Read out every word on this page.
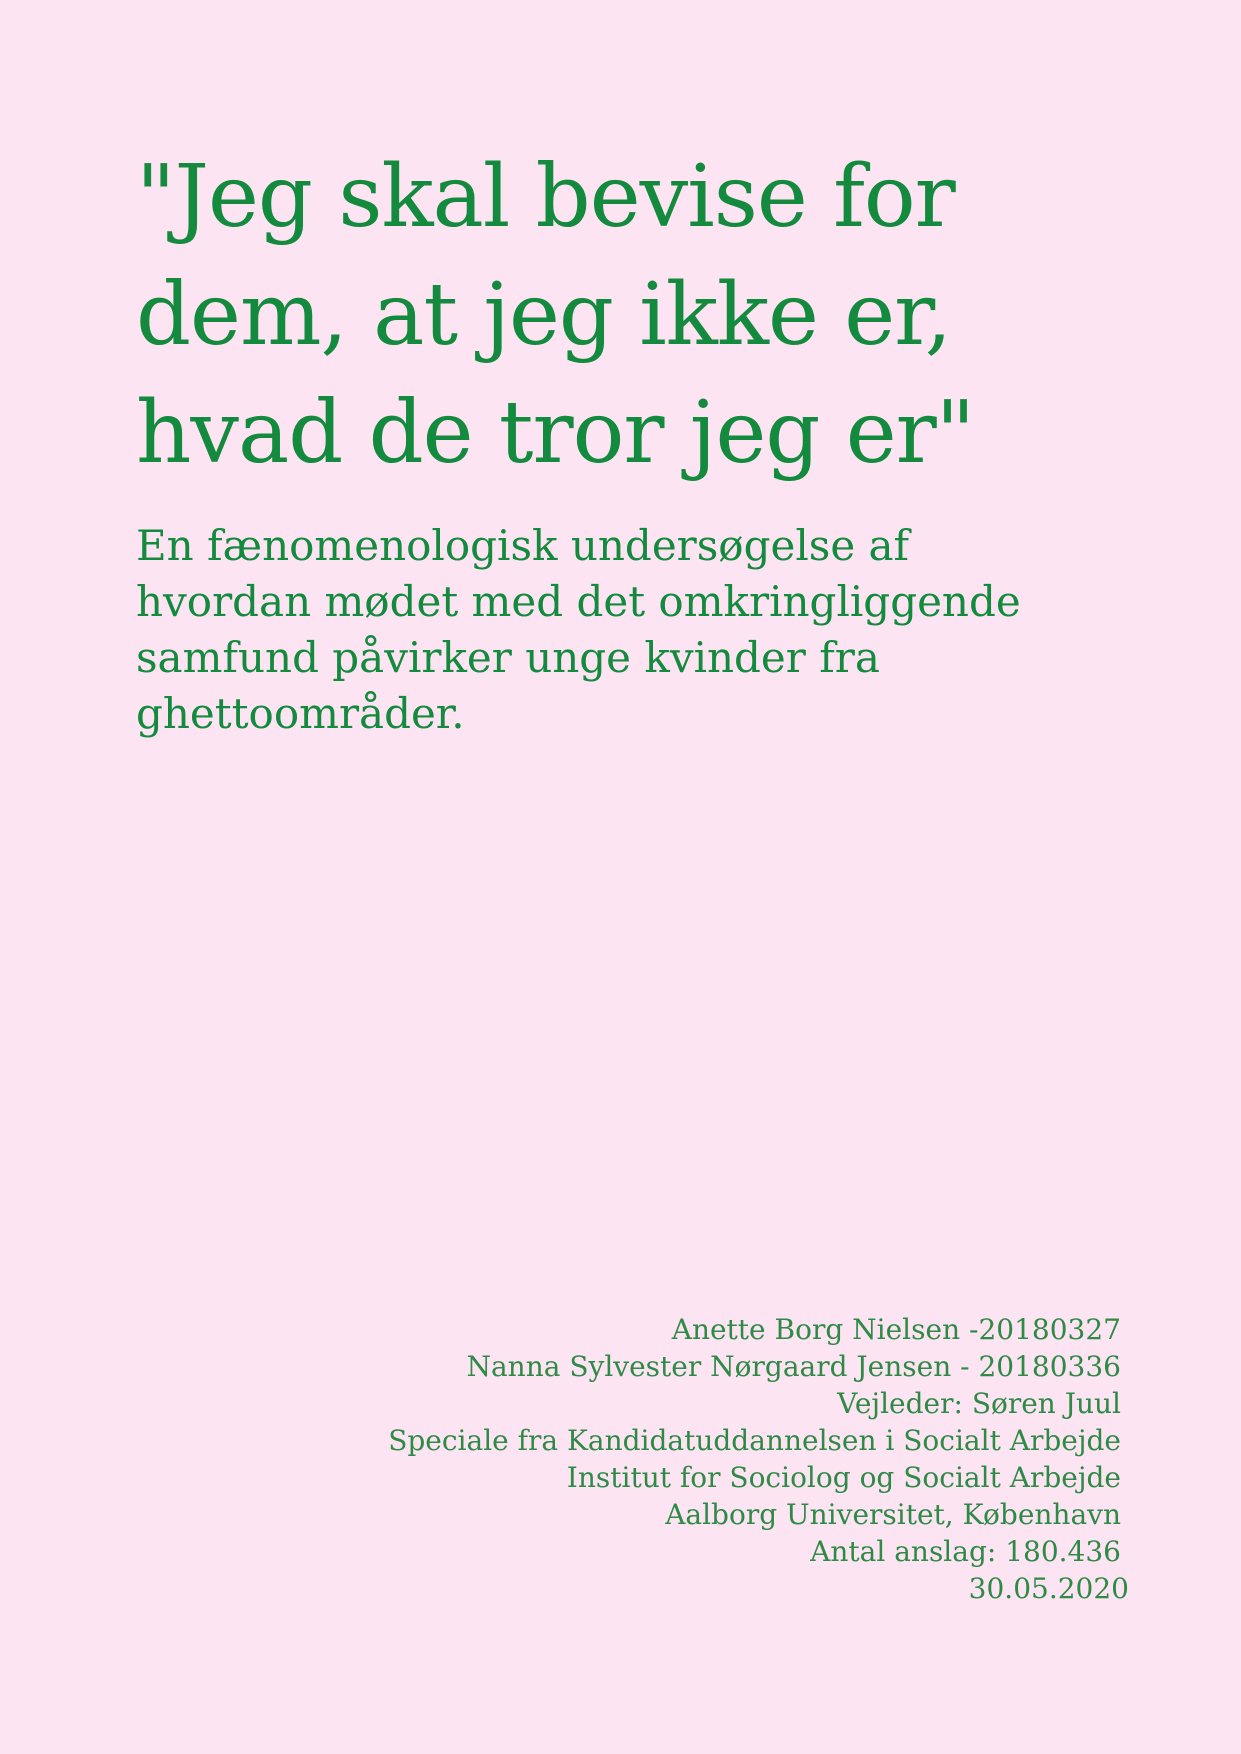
"Jeg skal bevise for
dem, at jeg ikke er,
hvad de tror jeg er"
En fænomenologisk undersøgelse af
hvordan mødet med det omkringliggende
samfund påvirker unge kvinder fra
ghettoområder.
Anette Borg Nielsen -20180327
Nanna Sylvester Nørgaard Jensen - 20180336
Vejleder: Søren Juul
Speciale fra Kandidatuddannelsen i Socialt Arbejde
Institut for Sociolog og Socialt Arbejde
Aalborg Universitet, København
Antal anslag: 180.436
30.05.2020
